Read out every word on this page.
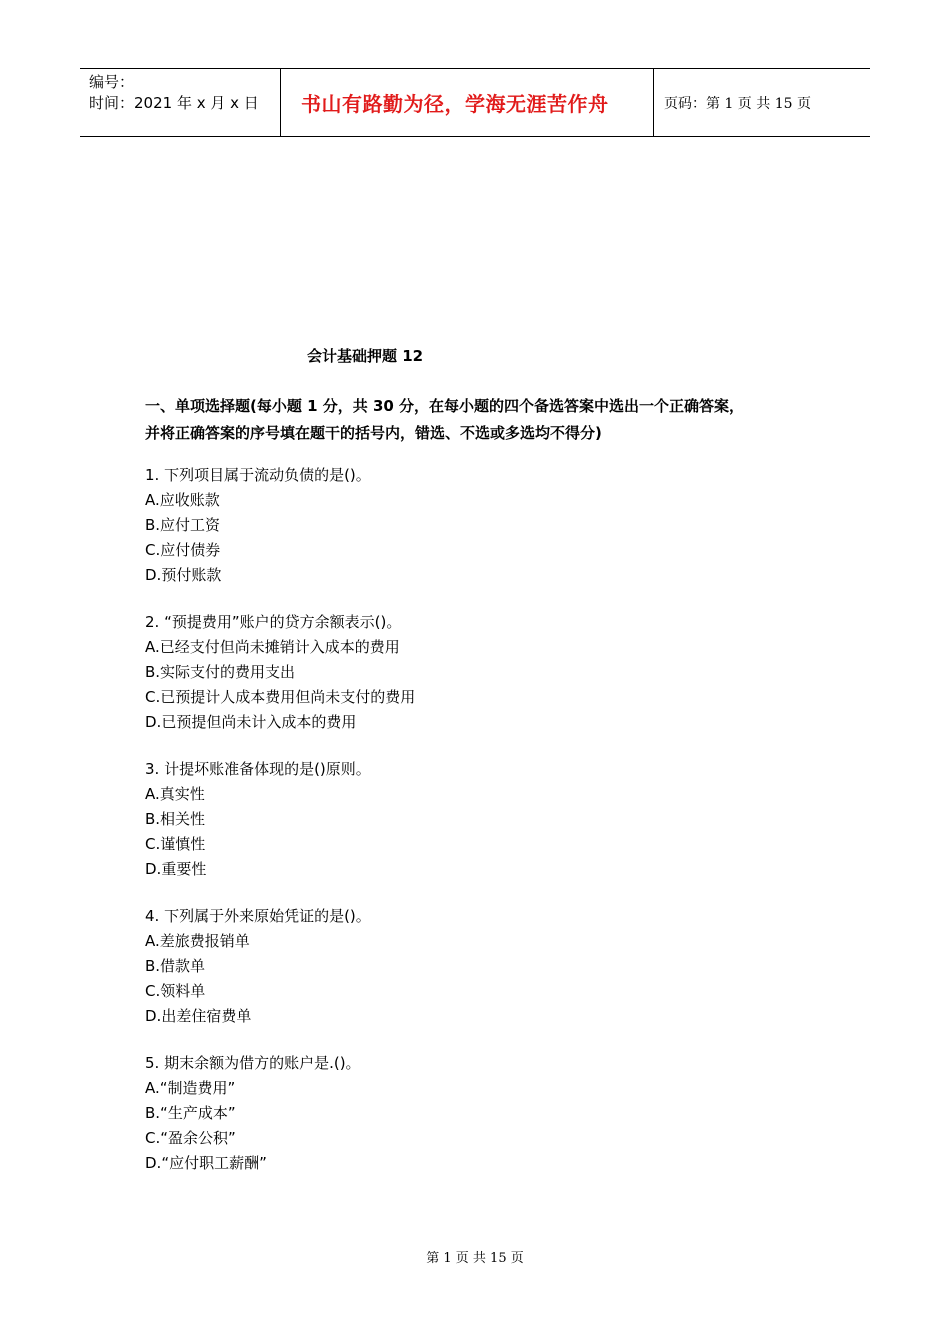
编号：
时间：2021 年 x 月 x 日	书山有路勤为径，学海无涯苦作舟	页码：第 1 页 共 15 页
会计基础押题 12
一、单项选择题(每小题 1 分，共 30 分，在每小题的四个备选答案中选出一个正确答案，
并将正确答案的序号填在题干的括号内，错选、不选或多选均不得分)
1. 下列项目属于流动负债的是()。
A.应收账款
B.应付工资
C.应付债券
D.预付账款
2. “预提费用”账户的贷方余额表示()。
A.已经支付但尚未摊销计入成本的费用
B.实际支付的费用支出
C.已预提计人成本费用但尚未支付的费用
D.已预提但尚未计入成本的费用
3. 计提坏账准备体现的是()原则。
A.真实性
B.相关性
C.谨慎性
D.重要性
4. 下列属于外来原始凭证的是()。
A.差旅费报销单
B.借款单
C.领料单
D.出差住宿费单
5. 期末余额为借方的账户是.()。
A.“制造费用”
B.“生产成本”
C.“盈余公积”
D.“应付职工薪酬”
第 1 页 共 15 页
